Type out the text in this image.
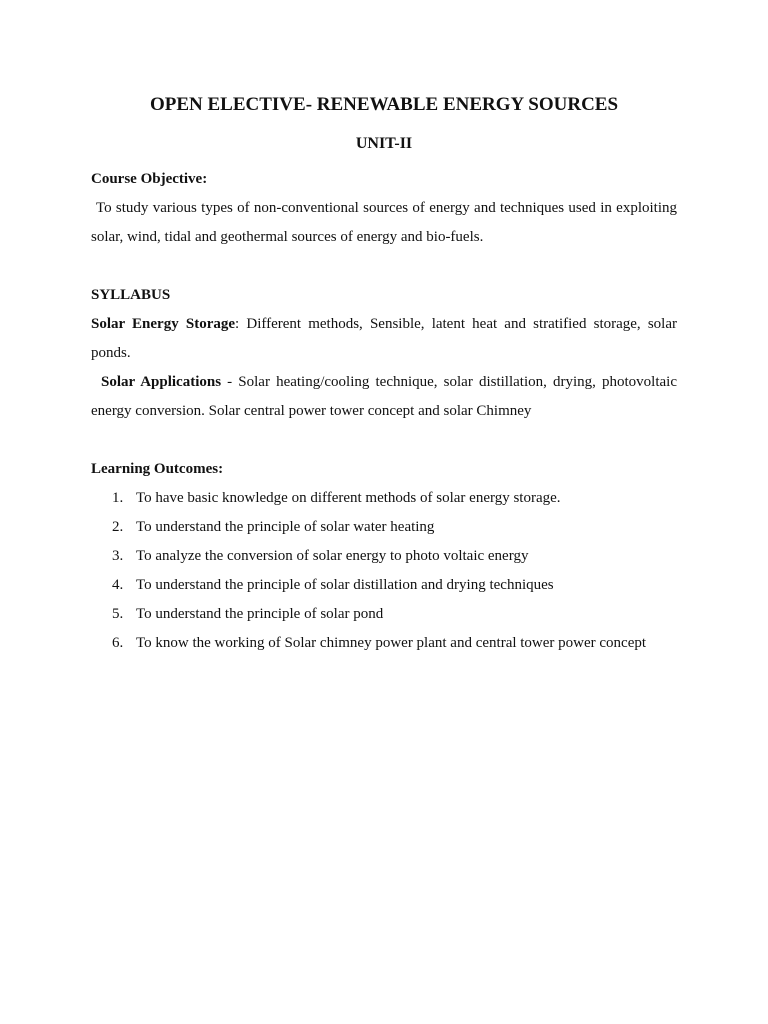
OPEN ELECTIVE- RENEWABLE ENERGY SOURCES
UNIT-II

Course Objective:

To study various types of non-conventional sources of energy and techniques used in exploiting solar, wind, tidal and geothermal sources of energy and bio-fuels.

SYLLABUS

Solar Energy Storage: Different methods, Sensible, latent heat and stratified storage, solar ponds.

Solar Applications - Solar heating/cooling technique, solar distillation, drying, photovoltaic energy conversion. Solar central power tower concept and solar Chimney

Learning Outcomes:

1. To have basic knowledge on different methods of solar energy storage.
2. To understand the principle of solar water heating
3. To analyze the conversion of solar energy to photo voltaic energy
4. To understand the principle of solar distillation and drying techniques
5. To understand the principle of solar pond
6. To know the working of Solar chimney power plant and central tower power concept
